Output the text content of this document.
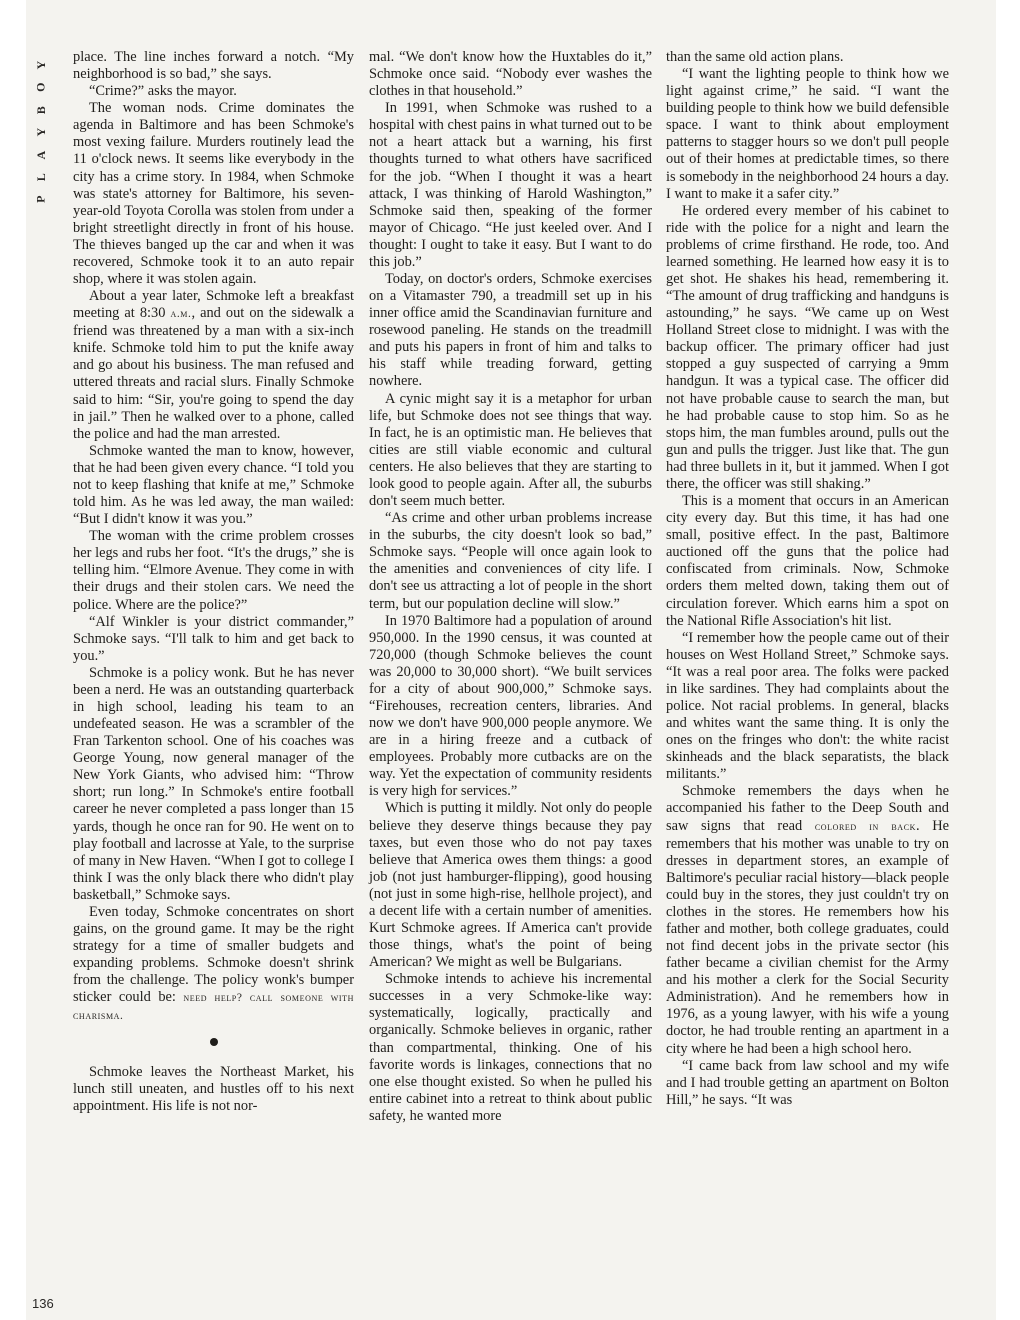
Y
O
B
Y
A
L
P
136

place. The line inches forward a notch. “My neighborhood is so bad,” she says.

“Crime?” asks the mayor.

The woman nods. Crime dominates the agenda in Baltimore and has been Schmoke's most vexing failure. Murders routinely lead the 11 o'clock news. It seems like everybody in the city has a crime story. In 1984, when Schmoke was state's attorney for Baltimore, his seven-year-old Toyota Corolla was stolen from under a bright streetlight directly in front of his house. The thieves banged up the car and when it was recovered, Schmoke took it to an auto repair shop, where it was stolen again.

About a year later, Schmoke left a breakfast meeting at 8:30 a.m., and out on the sidewalk a friend was threatened by a man with a six-inch knife. Schmoke told him to put the knife away and go about his business. The man refused and uttered threats and racial slurs. Finally Schmoke said to him: “Sir, you're going to spend the day in jail.” Then he walked over to a phone, called the police and had the man arrested.

Schmoke wanted the man to know, however, that he had been given every chance. “I told you not to keep flashing that knife at me,” Schmoke told him. As he was led away, the man wailed: “But I didn't know it was you.”

The woman with the crime problem crosses her legs and rubs her foot. “It's the drugs,” she is telling him. “Elmore Avenue. They come in with their drugs and their stolen cars. We need the police. Where are the police?”

“Alf Winkler is your district commander,” Schmoke says. “I'll talk to him and get back to you.”

Schmoke is a policy wonk. But he has never been a nerd. He was an outstanding quarterback in high school, leading his team to an undefeated season. He was a scrambler of the Fran Tarkenton school. One of his coaches was George Young, now general manager of the New York Giants, who advised him: “Throw short; run long.” In Schmoke's entire football career he never completed a pass longer than 15 yards, though he once ran for 90. He went on to play football and lacrosse at Yale, to the surprise of many in New Haven. “When I got to college I think I was the only black there who didn't play basketball,” Schmoke says.

Even today, Schmoke concentrates on short gains, on the ground game. It may be the right strategy for a time of smaller budgets and expanding problems. Schmoke doesn't shrink from the challenge. The policy wonk's bumper sticker could be: need help? call someone with charisma.

Schmoke leaves the Northeast Market, his lunch still uneaten, and hustles off to his next appointment. His life is not nor-

mal. “We don't know how the Huxtables do it,” Schmoke once said. “Nobody ever washes the clothes in that household.”

In 1991, when Schmoke was rushed to a hospital with chest pains in what turned out to be not a heart attack but a warning, his first thoughts turned to what others have sacrificed for the job. “When I thought it was a heart attack, I was thinking of Harold Washington,” Schmoke said then, speaking of the former mayor of Chicago. “He just keeled over. And I thought: I ought to take it easy. But I want to do this job.”

Today, on doctor's orders, Schmoke exercises on a Vitamaster 790, a treadmill set up in his inner office amid the Scandinavian furniture and rosewood paneling. He stands on the treadmill and puts his papers in front of him and talks to his staff while treading forward, getting nowhere.

A cynic might say it is a metaphor for urban life, but Schmoke does not see things that way. In fact, he is an optimistic man. He believes that cities are still viable economic and cultural centers. He also believes that they are starting to look good to people again. After all, the suburbs don't seem much better.

“As crime and other urban problems increase in the suburbs, the city doesn't look so bad,” Schmoke says. “People will once again look to the amenities and conveniences of city life. I don't see us attracting a lot of people in the short term, but our population decline will slow.”

In 1970 Baltimore had a population of around 950,000. In the 1990 census, it was counted at 720,000 (though Schmoke believes the count was 20,000 to 30,000 short). “We built services for a city of about 900,000,” Schmoke says. “Firehouses, recreation centers, libraries. And now we don't have 900,000 people anymore. We are in a hiring freeze and a cutback of employees. Probably more cutbacks are on the way. Yet the expectation of community residents is very high for services.”

Which is putting it mildly. Not only do people believe they deserve things because they pay taxes, but even those who do not pay taxes believe that America owes them things: a good job (not just hamburger-flipping), good housing (not just in some high-rise, hellhole project), and a decent life with a certain number of amenities. Kurt Schmoke agrees. If America can't provide those things, what's the point of being American? We might as well be Bulgarians.

Schmoke intends to achieve his incremental successes in a very Schmoke-like way: systematically, logically, practically and organically. Schmoke believes in organic, rather than compartmental, thinking. One of his favorite words is linkages, connections that no one else thought existed. So when he pulled his entire cabinet into a retreat to think about public safety, he wanted more

than the same old action plans.

“I want the lighting people to think how we light against crime,” he said. “I want the building people to think how we build defensible space. I want to think about employment patterns to stagger hours so we don't pull people out of their homes at predictable times, so there is somebody in the neighborhood 24 hours a day. I want to make it a safer city.”

He ordered every member of his cabinet to ride with the police for a night and learn the problems of crime firsthand. He rode, too. And learned something. He learned how easy it is to get shot. He shakes his head, remembering it. “The amount of drug trafficking and handguns is astounding,” he says. “We came up on West Holland Street close to midnight. I was with the backup officer. The primary officer had just stopped a guy suspected of carrying a 9mm handgun. It was a typical case. The officer did not have probable cause to search the man, but he had probable cause to stop him. So as he stops him, the man fumbles around, pulls out the gun and pulls the trigger. Just like that. The gun had three bullets in it, but it jammed. When I got there, the officer was still shaking.”

This is a moment that occurs in an American city every day. But this time, it has had one small, positive effect. In the past, Baltimore auctioned off the guns that the police had confiscated from criminals. Now, Schmoke orders them melted down, taking them out of circulation forever. Which earns him a spot on the National Rifle Association's hit list.

“I remember how the people came out of their houses on West Holland Street,” Schmoke says. “It was a real poor area. The folks were packed in like sardines. They had complaints about the police. Not racial problems. In general, blacks and whites want the same thing. It is only the ones on the fringes who don't: the white racist skinheads and the black separatists, the black militants.”

Schmoke remembers the days when he accompanied his father to the Deep South and saw signs that read colored in back. He remembers that his mother was unable to try on dresses in department stores, an example of Baltimore's peculiar racial history—black people could buy in the stores, they just couldn't try on clothes in the stores. He remembers how his father and mother, both college graduates, could not find decent jobs in the private sector (his father became a civilian chemist for the Army and his mother a clerk for the Social Security Administration). And he remembers how in 1976, as a young lawyer, with his wife a young doctor, he had trouble renting an apartment in a city where he had been a high school hero.

“I came back from law school and my wife and I had trouble getting an apartment on Bolton Hill,” he says. “It was
